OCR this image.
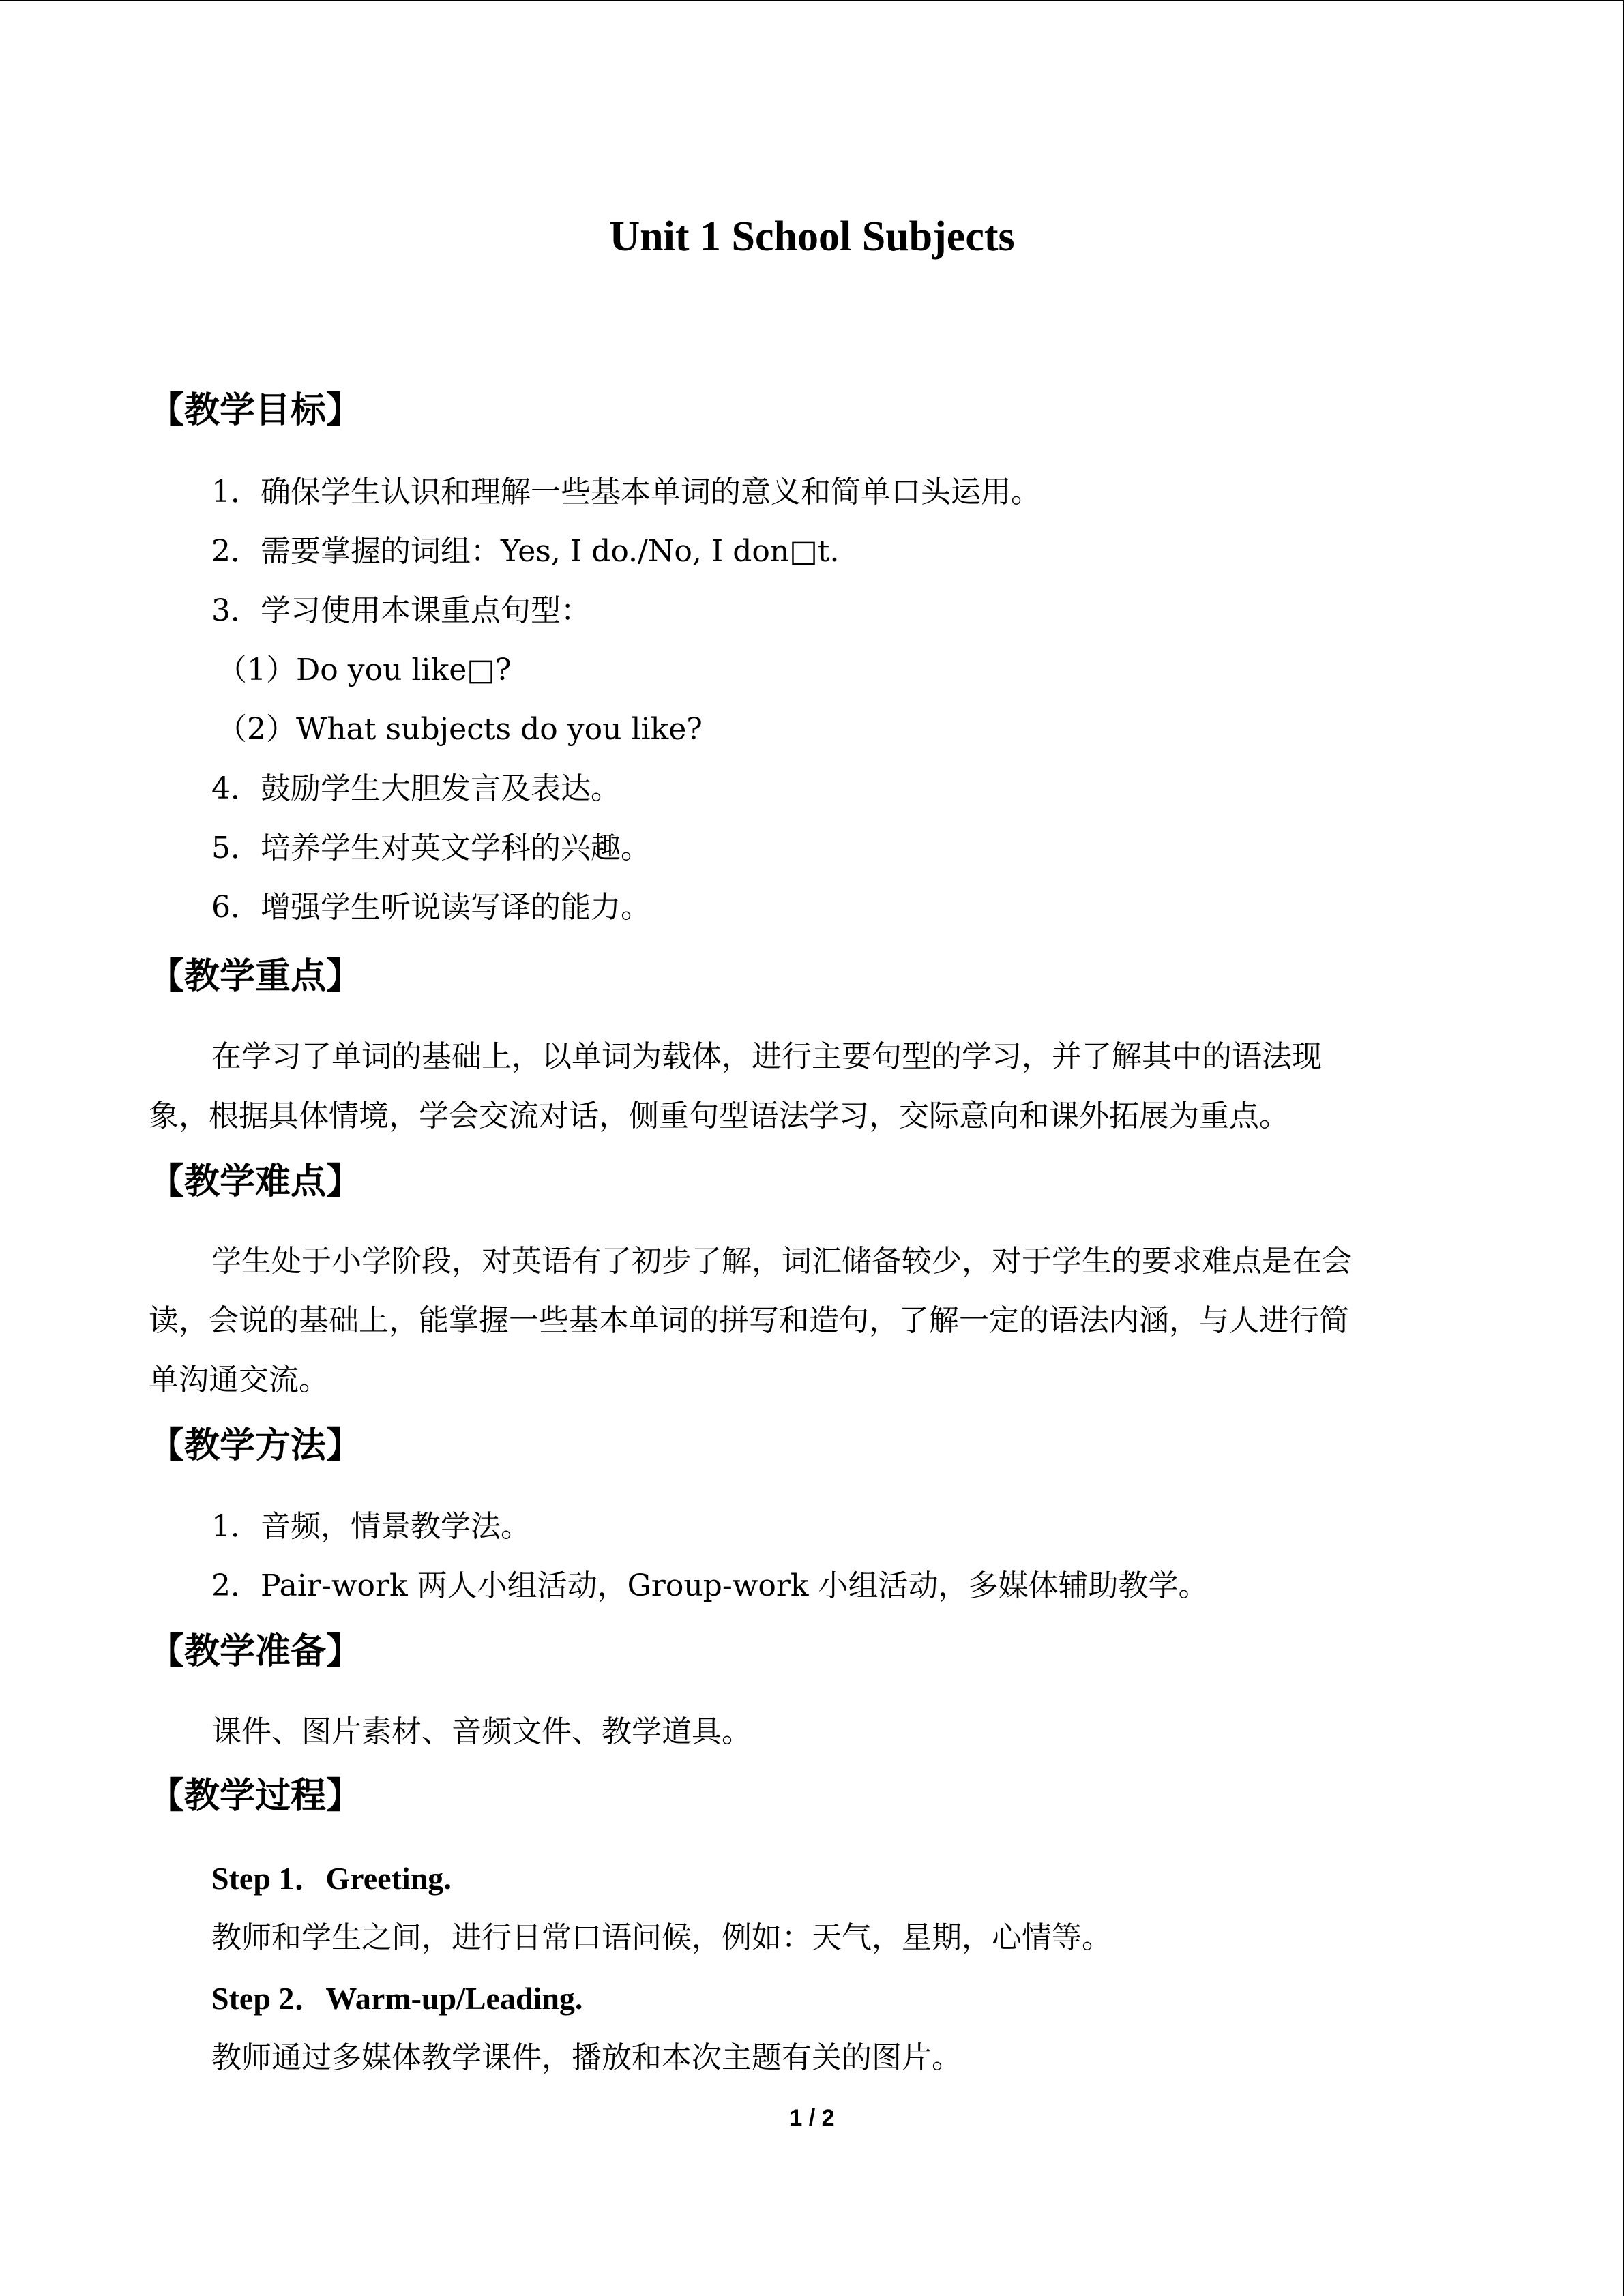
Unit 1 School Subjects
【教学目标】
1．确保学生认识和理解一些基本单词的意义和简单口头运用。
2．需要掌握的词组：Yes, I do./No, I don□t.
3．学习使用本课重点句型：
（1）Do you like□?
（2）What subjects do you like?
4．鼓励学生大胆发言及表达。
5．培养学生对英文学科的兴趣。
6．增强学生听说读写译的能力。
【教学重点】
在学习了单词的基础上，以单词为载体，进行主要句型的学习，并了解其中的语法现
象，根据具体情境，学会交流对话，侧重句型语法学习，交际意向和课外拓展为重点。
【教学难点】
学生处于小学阶段，对英语有了初步了解，词汇储备较少，对于学生的要求难点是在会
读，会说的基础上，能掌握一些基本单词的拼写和造句，了解一定的语法内涵，与人进行简
单沟通交流。
【教学方法】
1．音频，情景教学法。
2．Pair-work 两人小组活动，Group-work 小组活动，多媒体辅助教学。
【教学准备】
课件、图片素材、音频文件、教学道具。
【教学过程】
Step 1．Greeting.
教师和学生之间，进行日常口语问候，例如：天气，星期，心情等。
Step 2．Warm-up/Leading.
教师通过多媒体教学课件，播放和本次主题有关的图片。
1 / 2
